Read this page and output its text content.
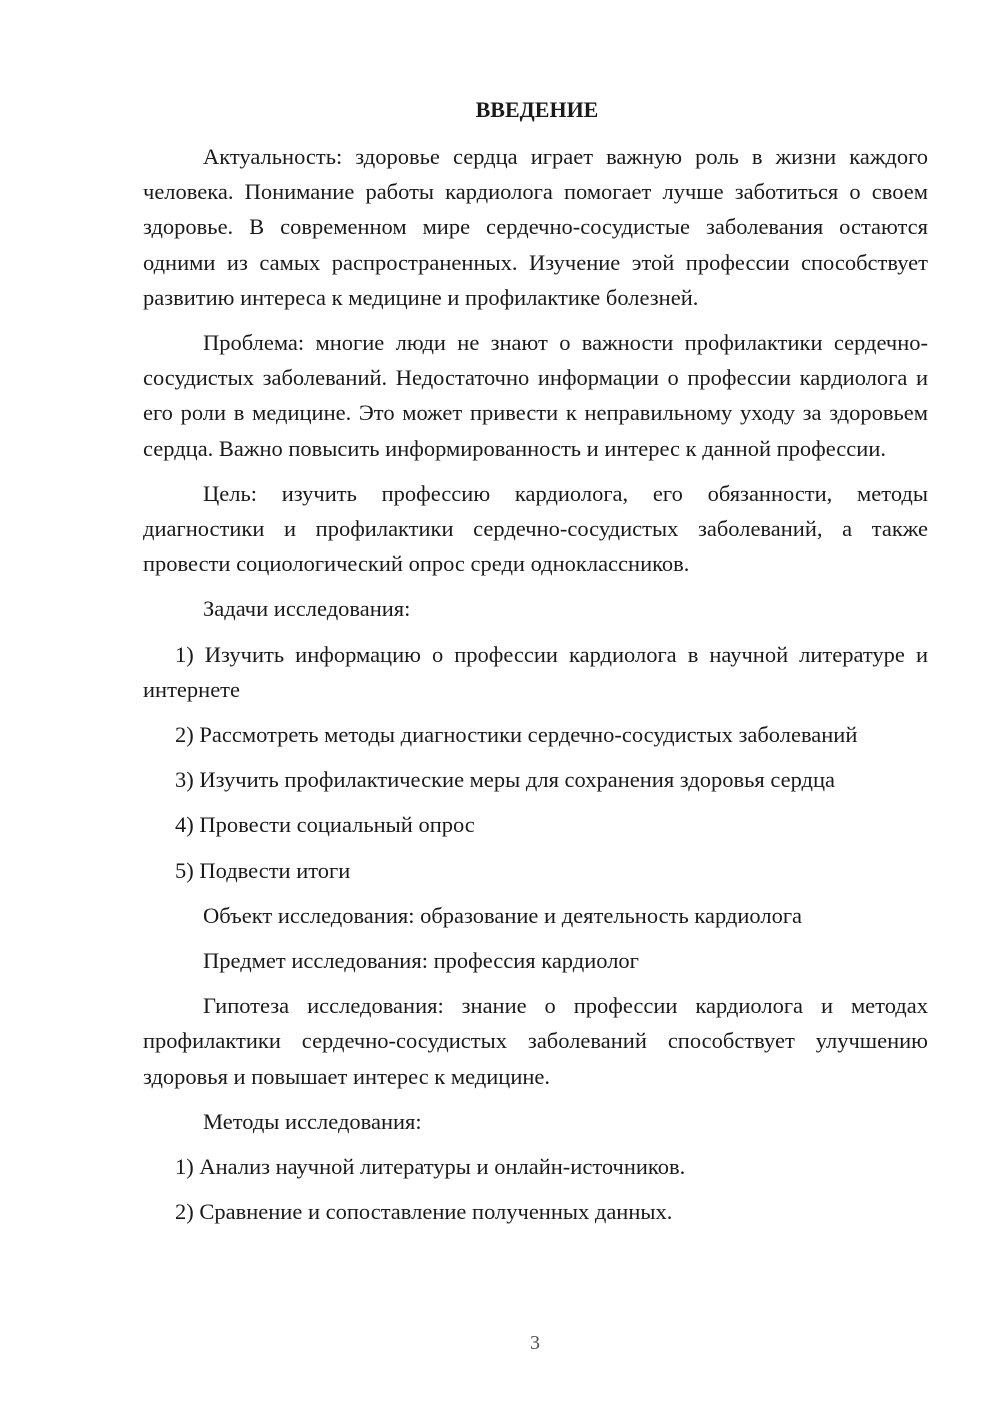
ВВЕДЕНИЕ

Актуальность: здоровье сердца играет важную роль в жизни каждого человека. Понимание работы кардиолога помогает лучше заботиться о своем здоровье. В современном мире сердечно-сосудистые заболевания остаются одними из самых распространенных. Изучение этой профессии способствует развитию интереса к медицине и профилактике болезней.

Проблема: многие люди не знают о важности профилактики сердечно-сосудистых заболеваний. Недостаточно информации о профессии кардиолога и его роли в медицине. Это может привести к неправильному уходу за здоровьем сердца. Важно повысить информированность и интерес к данной профессии.

Цель: изучить профессию кардиолога, его обязанности, методы диагностики и профилактики сердечно-сосудистых заболеваний, а также провести социологический опрос среди одноклассников.

Задачи исследования:

1) Изучить информацию о профессии кардиолога в научной литературе и интернете

2) Рассмотреть методы диагностики сердечно-сосудистых заболеваний

3) Изучить профилактические меры для сохранения здоровья сердца

4) Провести социальный опрос

5) Подвести итоги

Объект исследования: образование и деятельность кардиолога

Предмет исследования: профессия кардиолог

Гипотеза исследования: знание о профессии кардиолога и методах профилактики сердечно-сосудистых заболеваний способствует улучшению здоровья и повышает интерес к медицине.

Методы исследования:

1) Анализ научной литературы и онлайн-источников.

2) Сравнение и сопоставление полученных данных.

3
